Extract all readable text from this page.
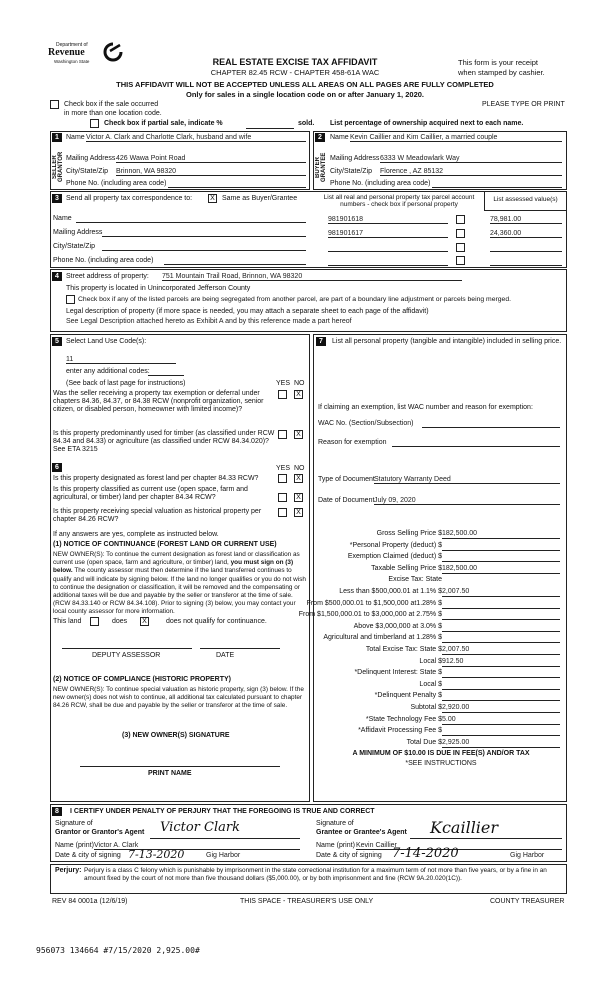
Department of
Revenue
Washington State	REAL ESTATE EXCISE TAX AFFIDAVIT
CHAPTER 82.45 RCW - CHAPTER 458-61A WAC
This form is your receipt
when stamped by cashier.
THIS AFFIDAVIT WILL NOT BE ACCEPTED UNLESS ALL AREAS ON ALL PAGES ARE FULLY COMPLETED
Only for sales in a single location code on or after January 1, 2020.
Check box if the sale occurred
in more than one location code.
PLEASE TYPE OR PRINT
Check box if partial sale, indicate %	sold. List percentage of ownership acquired next to each name.
1	2
SELLER GRANTOR	BUYER GRANTEE
Name Victor A. Clark and Charlotte Clark, husband and wife
Mailing Address 426 Wawa Point Road
City/State/Zip Brinnon, WA 98320
Phone No. (including area code)
Name Kevin Caillier and Kim Caillier, a married couple
Mailing Address 6333 W Meadowlark Way
City/State/Zip Florence , AZ 85132
Phone No. (including area code)
3	Send all property tax correspondence to:	X	Same as Buyer/Grantee
Name
Mailing Address
City/State/Zip
Phone No. (including area code)
List all real and personal property tax parcel account numbers - check box if personal property
List assessed value(s)
981901618	78,981.00
981901617	24,360.00
4	Street address of property: 751 Mountain Trail Road, Brinnon, WA 98320
This property is located in Unincorporated Jefferson County
Check box if any of the listed parcels are being segregated from another parcel, are part of a boundary line adjustment or parcels being merged.
Legal description of property (if more space is needed, you may attach a separate sheet to each page of the affidavit)
See Legal Description attached hereto as Exhibit A and by this reference made a part hereof
5	Select Land Use Code(s):
11
enter any additional codes:
(See back of last page for instructions)	YES NO
Was the seller receiving a property tax exemption or deferral under chapters 84.36, 84.37, or 84.38 RCW (nonprofit organization, senior citizen, or disabled person, homeowner with limited income)?
X
Is this property predominantly used for timber (as classified under RCW 84.34 and 84.33) or agriculture (as classified under RCW 84.34.020)? See ETA 3215
X
6	YES NO
Is this property designated as forest land per chapter 84.33 RCW?	X
Is this property classified as current use (open space, farm and agricultural, or timber) land per chapter 84.34 RCW?	X
Is this property receiving special valuation as historical property per chapter 84.26 RCW?
X
If any answers are yes, complete as instructed below.
(1) NOTICE OF CONTINUANCE (FOREST LAND OR CURRENT USE)
NEW OWNER(S): To continue the current designation as forest land or classification as current use (open space, farm and agriculture, or timber) land, you must sign on (3) below. The county assessor must then determine if the land transferred continues to qualify and will indicate by signing below. If the land no longer qualifies or you do not wish to continue the designation or classification, it will be removed and the compensating or additional taxes will be due and payable by the seller or transferor at the time of sale. (RCW 84.33.140 or RCW 84.34.108). Prior to signing (3) below, you may contact your local county assessor for more information.
This land	does	X	does not qualify for continuance.
DEPUTY ASSESSOR	DATE
(2) NOTICE OF COMPLIANCE (HISTORIC PROPERTY)
NEW OWNER(S): To continue special valuation as historic property, sign (3) below. If the new owner(s) does not wish to continue, all additional tax calculated pursuant to chapter 84.26 RCW, shall be due and payable by the seller or transferor at the time of sale.
(3) NEW OWNER(S) SIGNATURE
PRINT NAME
7	List all personal property (tangible and intangible) included in selling price.
If claiming an exemption, list WAC number and reason for exemption:
WAC No. (Section/Subsection)
Reason for exemption
Type of Document Statutory Warranty Deed
Date of Document July 09, 2020
Gross Selling Price $ 182,500.00
*Personal Property (deduct) $
Exemption Claimed (deduct) $
Taxable Selling Price $ 182,500.00
Excise Tax: State
Less than $500,000.01 at 1.1% $ 2,007.50
From $500,000.01 to $1,500,000 at1.28% $
From $1,500,000.01 to $3,000,000 at 2.75% $
Above $3,000,000 at 3.0% $
Agricultural and timberland at 1.28% $
Total Excise Tax: State $ 2,007.50
Local $ 912.50
*Delinquent Interest: State $
Local $
*Delinquent Penalty $
Subtotal $ 2,920.00
*State Technology Fee $ 5.00
*Affidavit Processing Fee $
Total Due $ 2,925.00
A MINIMUM OF $10.00 IS DUE IN FEE(S) AND/OR TAX
*SEE INSTRUCTIONS
8	I CERTIFY UNDER PENALTY OF PERJURY THAT THE FOREGOING IS TRUE AND CORRECT
Signature of
Grantor or Grantor's Agent Victor Clark	Signature of
Grantee or Grantee's Agent Kcaillier
Name (print) Victor A. Clark	Name (print) Kevin Caillier
Date & city of signing 7-13-2020	Gig Harbor	Date & city of signing 7-14-2020	Gig Harbor
Perjury: Perjury is a class C felony which is punishable by imprisonment in the state correctional institution for a maximum term of not more than five years, or by a fine in an amount fixed by the court of not more than five thousand dollars ($5,000.00), or by both imprisonment and fine (RCW 9A.20.020(1C)).
REV 84 0001a (12/6/19)	THIS SPACE - TREASURER'S USE ONLY	COUNTY TREASURER
956073 134664 #7/15/2020 2,925.00#
